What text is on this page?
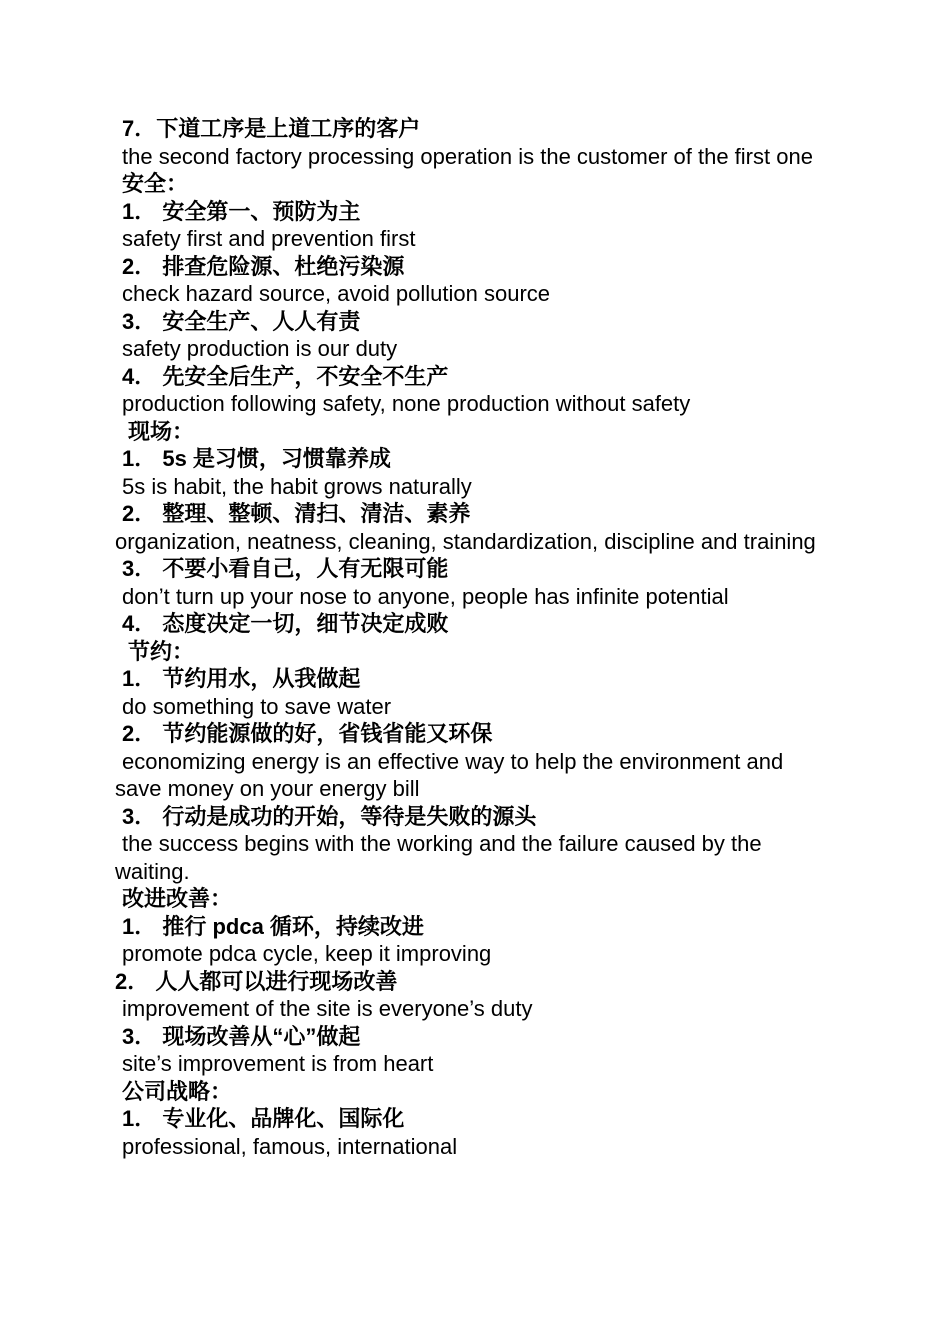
7．下道工序是上道工序的客户

the second factory processing operation is the customer of the first one

安全：

1． 安全第一、预防为主

safety first and prevention first

2． 排查危险源、杜绝污染源

check hazard source, avoid pollution source

3． 安全生产、人人有责

safety production is our duty

4． 先安全后生产，不安全不生产

production following safety, none production without safety

现场：

1． 5s 是习惯，习惯靠养成

5s is habit, the habit grows naturally

2． 整理、整顿、清扫、清洁、素养

organization, neatness, cleaning, standardization, discipline and training

3． 不要小看自己，人有无限可能

don’t turn up your nose to anyone, people has infinite potential

4． 态度决定一切，细节决定成败

节约：

1． 节约用水，从我做起

do something to save water

2． 节约能源做的好，省钱省能又环保

economizing energy is an effective way to help the environment and save money on your energy bill

3． 行动是成功的开始，等待是失败的源头

the success begins with the working and the failure caused by the waiting.

改进改善：

1． 推行 pdca 循环，持续改进

promote pdca cycle, keep it improving

2． 人人都可以进行现场改善

improvement of the site is everyone’s duty

3． 现场改善从“心”做起

site’s improvement is from heart

公司战略：

1． 专业化、品牌化、国际化

professional, famous, international
